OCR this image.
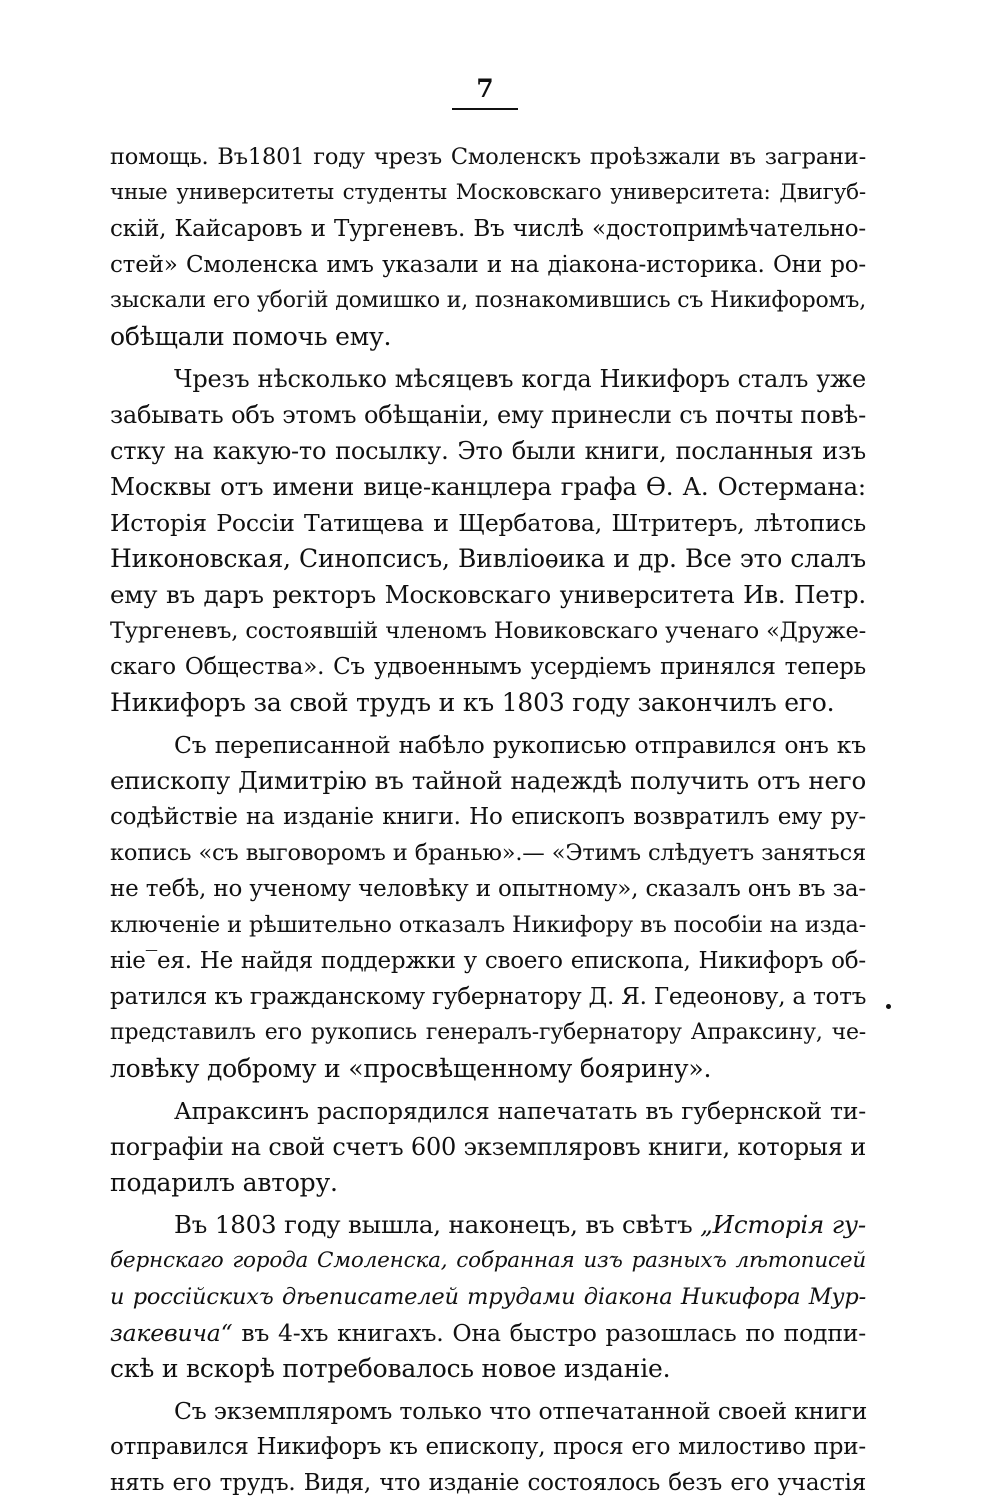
7
помощь. Въ1801 году чрезъ Смоленскъ проѣзжали въ заграни-
чные университеты студенты Московскаго университета: Двигуб-
скій, Кайсаровъ и Тургеневъ. Въ числѣ «достопримѣчательно-
стей» Смоленска имъ указали и на діакона-историка. Они ро-
зыскали его убогій домишко и, познакомившись съ Никифоромъ,
обѣщали помочь ему.
Чрезъ нѣсколько мѣсяцевъ когда Никифоръ сталъ уже
забывать объ этомъ обѣщаніи, ему принесли съ почты повѣ-
стку на какую-то посылку. Это были книги, посланныя изъ
Москвы отъ имени вице-канцлера графа Ѳ. А. Остермана:
Исторія Россіи Татищева и Щербатова, Штритеръ, лѣтопись
Никоновская, Синопсисъ, Вивліоѳика и др. Все это слалъ
ему въ даръ ректоръ Московскаго университета Ив. Петр.
Тургеневъ, состоявшій членомъ Новиковскаго ученаго «Друже-
скаго Общества». Съ удвоеннымъ усердіемъ принялся теперь
Никифоръ за свой трудъ и къ 1803 году закончилъ его.
Съ переписанной набѣло рукописью отправился онъ къ
епископу Димитрію въ тайной надеждѣ получить отъ него
содѣйствіе на изданіе книги. Но епископъ возвратилъ ему ру-
копись «съ выговоромъ и бранью».— «Этимъ слѣдуетъ заняться
не тебѣ, но ученому человѣку и опытному», сказалъ онъ въ за-
ключеніе и рѣшительно отказалъ Никифору въ пособіи на изда-
ніе‾ея. Не найдя поддержки у своего епископа, Никифоръ об-
ратился къ гражданскому губернатору Д. Я. Гедеонову, а тотъ
представилъ его рукопись генералъ-губернатору Апраксину, че-
ловѣку доброму и «просвѣщенному боярину».
Апраксинъ распорядился напечатать въ губернской ти-
пографіи на свой счетъ 600 экземпляровъ книги, которыя и
подарилъ автору.
Въ 1803 году вышла, наконецъ, въ свѣтъ „Исторія гу-
бернскаго города Смоленска, собранная изъ разныхъ лѣтописей
и россійскихъ дѣеписателей трудами діакона Никифора Мур-
закевича“ въ 4-хъ книгахъ. Она быстро разошлась по подпи-
скѣ и вскорѣ потребовалось новое изданіе.
Съ экземпляромъ только что отпечатанной своей книги
отправился Никифоръ къ епископу, прося его милостиво при-
нять его трудъ. Видя, что изданіе состоялось безъ его участія
